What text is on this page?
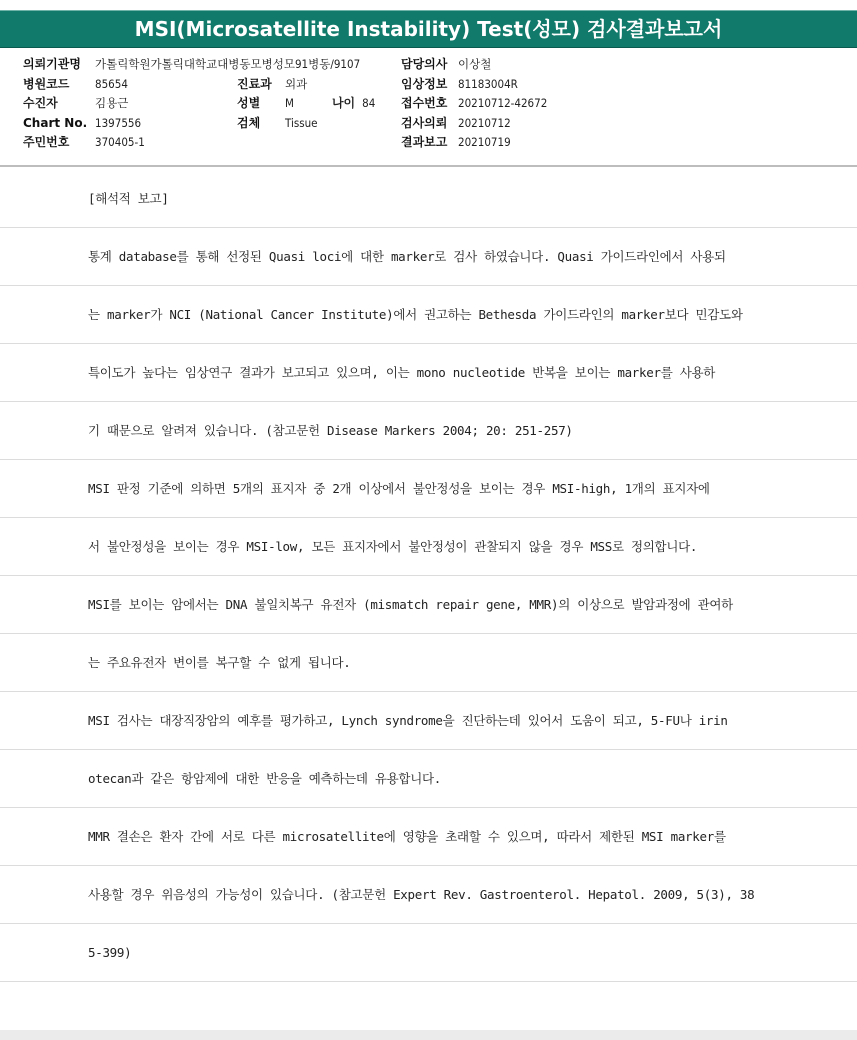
MSI(Microsatellite Instability) Test(성모) 검사결과보고서
의뢰기관명 가톨릭학원가톨릭대학교대병동모병성모91병동/9107
병원코드 85654
수진자	김용근
Chart No. 1397556
주민번호 370405-1
진료과 외과
성별 M	나이 84
검체 Tissue
담당의사 이상철
임상정보 81183004R
접수번호 20210712-42672
검사의뢰 20210712
결과보고 20210719
[해석적 보고]
통계 database를 통해 선정된 Quasi loci에 대한 marker로 검사 하였습니다. Quasi 가이드라인에서 사용되
는 marker가 NCI (National Cancer Institute)에서 권고하는 Bethesda 가이드라인의 marker보다 민감도와
특이도가 높다는 임상연구 결과가 보고되고 있으며, 이는 mono nucleotide 반복을 보이는 marker를 사용하
기 때문으로 알려져 있습니다. (참고문헌 Disease Markers 2004; 20: 251-257)
MSI 판정 기준에 의하면 5개의 표지자 중 2개 이상에서 불안정성을 보이는 경우 MSI-high, 1개의 표지자에
서 불안정성을 보이는 경우 MSI-low, 모든 표지자에서 불안정성이 관찰되지 않을 경우 MSS로 정의합니다.
MSI를 보이는 암에서는 DNA 불일치복구 유전자 (mismatch repair gene, MMR)의 이상으로 발암과정에 관여하
는 주요유전자 변이를 복구할 수 없게 됩니다.
MSI 검사는 대장직장암의 예후를 평가하고, Lynch syndrome을 진단하는데 있어서 도움이 되고, 5-FU나 irin
otecan과 같은 항암제에 대한 반응을 예측하는데 유용합니다.
MMR 결손은 환자 간에 서로 다른 microsatellite에 영향을 초래할 수 있으며, 따라서 제한된 MSI marker를
사용할 경우 위음성의 가능성이 있습니다. (참고문헌 Expert Rev. Gastroenterol. Hepatol. 2009, 5(3), 38
5-399)
